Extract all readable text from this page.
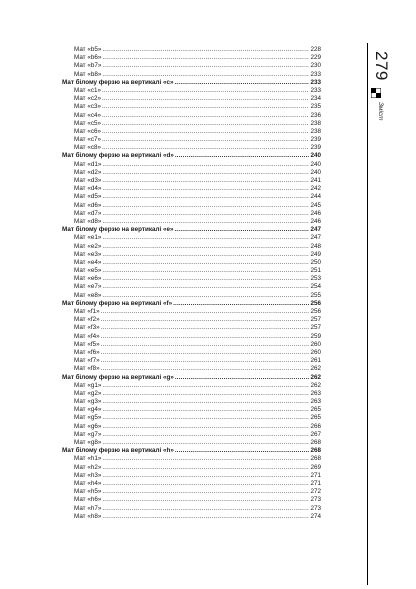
Мат «b5» .....	228
Мат «b6» .....	229
Мат «b7» .....	230
Мат «b8» .....	233
Мат білому ферзю на вертикалі «c» .....	233
Мат «c1» .....	233
Мат «c2» .....	234
Мат «c3» .....	235
Мат «c4» .....	236
Мат «c5» .....	238
Мат «c6» .....	238
Мат «c7» .....	239
Мат «c8» .....	239
Мат білому ферзю на вертикалі «d» .....	240
Мат «d1» .....	240
Мат «d2» .....	240
Мат «d3» .....	241
Мат «d4» .....	242
Мат «d5» .....	244
Мат «d6» .....	245
Мат «d7» .....	246
Мат «d8» .....	246
Мат білому ферзю на вертикалі «e» .....	247
Мат «e1» .....	247
Мат «e2» .....	248
Мат «e3» .....	249
Мат «e4» .....	250
Мат «e5» .....	251
Мат «e6» .....	253
Мат «e7» .....	254
Мат «e8» .....	255
Мат білому ферзю на вертикалі «f» .....	256
Мат «f1» .....	256
Мат «f2» .....	257
Мат «f3» .....	257
Мат «f4» .....	259
Мат «f5» .....	260
Мат «f6» .....	260
Мат «f7» .....	261
Мат «f8» .....	262
Мат білому ферзю на вертикалі «g» .....	262
Мат «g1» .....	262
Мат «g2» .....	263
Мат «g3» .....	263
Мат «g4» .....	265
Мат «g5» .....	265
Мат «g6» .....	266
Мат «g7» .....	267
Мат «g8» .....	268
Мат білому ферзю на вертикалі «h» .....	268
Мат «h1» .....	268
Мат «h2» .....	269
Мат «h3» .....	271
Мат «h4» .....	271
Мат «h5» .....	272
Мат «h6» .....	273
Мат «h7» .....	273
Мат «h8» .....	274
279
Зміст
